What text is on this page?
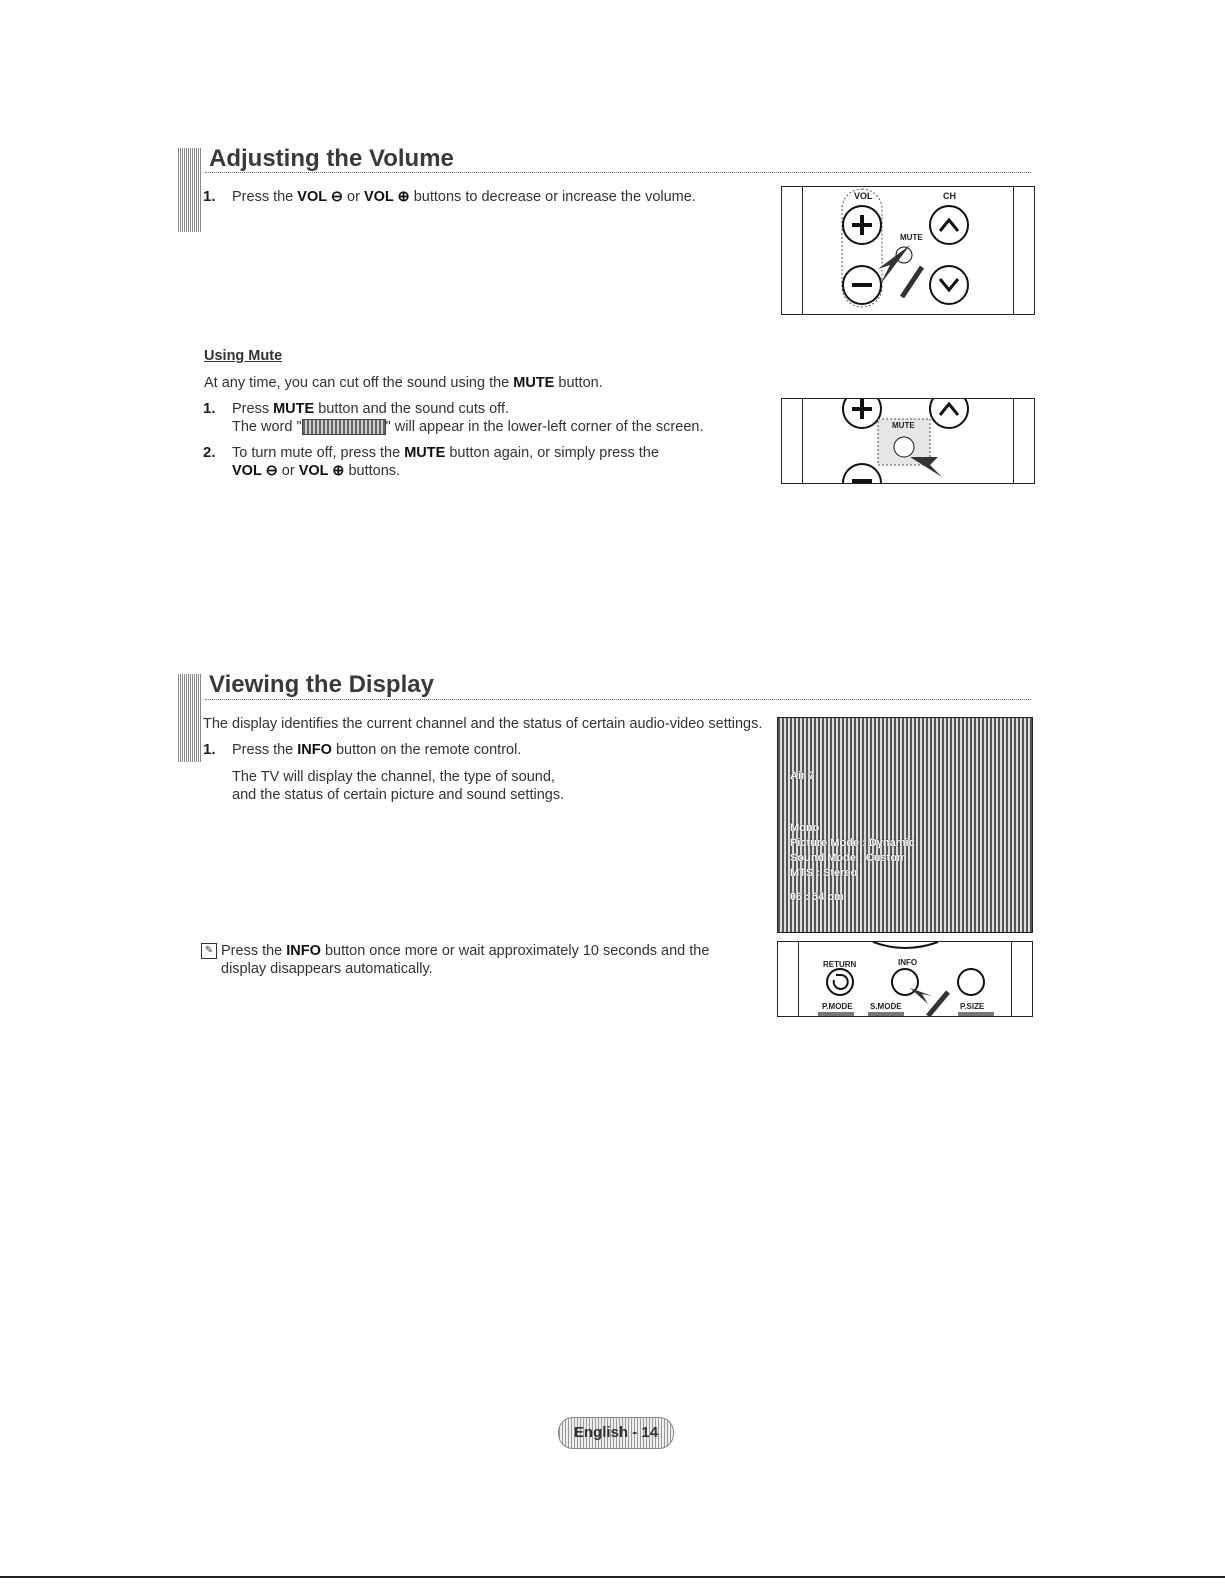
Adjusting the Volume
1. Press the VOL ⊖ or VOL ⊕ buttons to decrease or increase the volume.	VOL	CH
MUTE
Using Mute
At any time, you can cut off the sound using the MUTE button.
1. Press MUTE button and the sound cuts off.
The word "	" will appear in the lower-left corner of the screen.
2. To turn mute off, press the MUTE button again, or simply press the
VOL ⊖ or VOL ⊕ buttons.
MUTE
Viewing the Display
The display identifies the current channel and the status of certain audio-video settings.
1. Press the INFO button on the remote control.
The TV will display the channel, the type of sound,
and the status of certain picture and sound settings.
Air 7
Mono
Picture Mode : Dynamic
Sound Mode : Custom
MTS : Stereo
06 : 54 pm
✎ Press the INFO button once more or wait approximately 10 seconds and the
display disappears automatically.	RETURN	INFO
P.MODE S.MODE	P.SIZE
English - 14
